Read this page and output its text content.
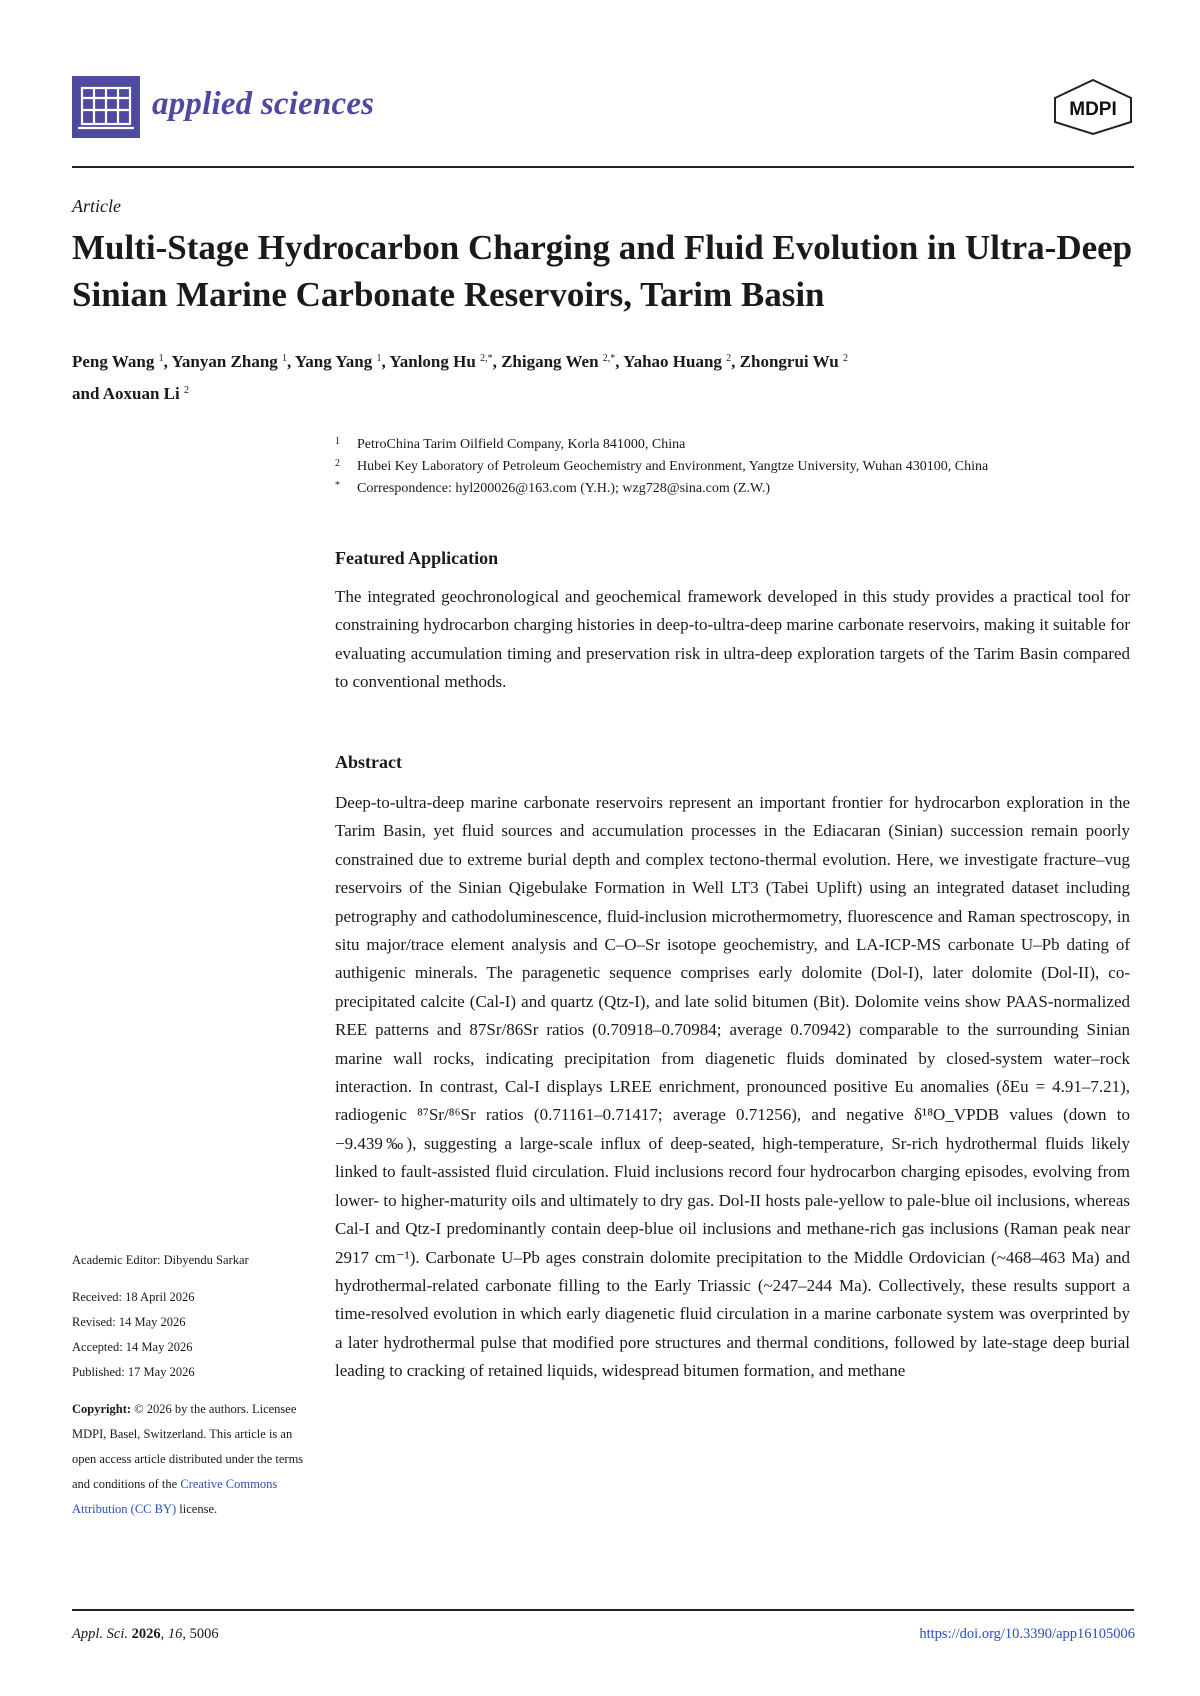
applied sciences	MDPI
Article
Multi-Stage Hydrocarbon Charging and Fluid Evolution in Ultra-Deep Sinian Marine Carbonate Reservoirs, Tarim Basin
Peng Wang $^1$, Yanyan Zhang $^1$, Yang Yang $^1$, Yanlong Hu $^{2,*}$, Zhigang Wen $^{2,*}$, Yahao Huang $^2$, Zhongrui Wu $^2$
and Aoxuan Li $^2$
1 PetroChina Tarim Oilfield Company, Korla 841000, China
2 Hubei Key Laboratory of Petroleum Geochemistry and Environment, Yangtze University, Wuhan 430100, China
* Correspondence: hyl200026@163.com (Y.H.); wzg728@sina.com (Z.W.)
Featured Application
The integrated geochronological and geochemical framework developed in this study provides a practical tool for constraining hydrocarbon charging histories in deep-to-ultra-deep marine carbonate reservoirs, making it suitable for evaluating accumulation timing and preservation risk in ultra-deep exploration targets of the Tarim Basin compared to conventional methods.
Abstract
Deep-to-ultra-deep marine carbonate reservoirs represent an important frontier for hydrocarbon exploration in the Tarim Basin, yet fluid sources and accumulation processes in the Ediacaran (Sinian) succession remain poorly constrained due to extreme burial depth and complex tectono-thermal evolution. Here, we investigate fracture–vug reservoirs of the Sinian Qigebulake Formation in Well LT3 (Tabei Uplift) using an integrated dataset including petrography and cathodoluminescence, fluid-inclusion microthermometry, fluorescence and Raman spectroscopy, in situ major/trace element analysis and C–O–Sr isotope geochemistry, and LA-ICP-MS carbonate U–Pb dating of authigenic minerals. The paragenetic sequence comprises early dolomite (Dol-I), later dolomite (Dol-II), co-precipitated calcite (Cal-I) and quartz (Qtz-I), and late solid bitumen (Bit). Dolomite veins show PAAS-normalized REE patterns and 87Sr/86Sr ratios (0.70918–0.70984; average 0.70942) comparable to the surrounding Sinian marine wall rocks, indicating precipitation from diagenetic fluids dominated by closed-system water–rock interaction. In contrast, Cal-I displays LREE enrichment, pronounced positive Eu anomalies (δEu = 4.91–7.21), radiogenic ⁸⁷Sr/⁸⁶Sr ratios (0.71161–0.71417; average 0.71256), and negative δ¹⁸O_VPDB values (down to −9.439‰), suggesting a large-scale influx of deep-seated, high-temperature, Sr-rich hydrothermal fluids likely linked to fault-assisted fluid circulation. Fluid inclusions record four hydrocarbon charging episodes, evolving from lower- to higher-maturity oils and ultimately to dry gas. Dol-II hosts pale-yellow to pale-blue oil inclusions, whereas Cal-I and Qtz-I predominantly contain deep-blue oil inclusions and methane-rich gas inclusions (Raman peak near 2917 cm⁻¹). Carbonate U–Pb ages constrain dolomite precipitation to the Middle Ordovician (~468–463 Ma) and hydrothermal-related carbonate filling to the Early Triassic (~247–244 Ma). Collectively, these results support a time-resolved evolution in which early diagenetic fluid circulation in a marine carbonate system was overprinted by a later hydrothermal pulse that modified pore structures and thermal conditions, followed by late-stage deep burial leading to cracking of retained liquids, widespread bitumen formation, and methane
Academic Editor: Dibyendu Sarkar
Received: 18 April 2026
Revised: 14 May 2026
Accepted: 14 May 2026
Published: 17 May 2026
Copyright: © 2026 by the authors. Licensee MDPI, Basel, Switzerland. This article is an open access article distributed under the terms and conditions of the Creative Commons Attribution (CC BY) license.
Appl. Sci. 2026, 16, 5006	https://doi.org/10.3390/app16105006
